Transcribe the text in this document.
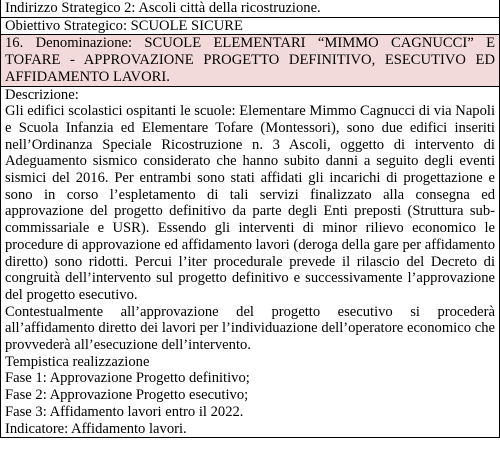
Indirizzo Strategico 2: Ascoli città della ricostruzione.
Obiettivo Strategico: SCUOLE SICURE
16. Denominazione: SCUOLE ELEMENTARI “MIMMO CAGNUCCI” E TOFARE - APPROVAZIONE PROGETTO DEFINITIVO, ESECUTIVO ED AFFIDAMENTO LAVORI.
Descrizione:

Gli edifici scolastici ospitanti le scuole: Elementare Mimmo Cagnucci di via Napoli e Scuola Infanzia ed Elementare Tofare (Montessori), sono due edifici inseriti nell’Ordinanza Speciale Ricostruzione n. 3 Ascoli, oggetto di intervento di Adeguamento sismico considerato che hanno subito danni a seguito degli eventi sismici del 2016. Per entrambi sono stati affidati gli incarichi di progettazione e sono in corso l’espletamento di tali servizi finalizzato alla consegna ed approvazione del progetto definitivo da parte degli Enti preposti (Struttura sub-commissariale e USR). Essendo gli interventi di minor rilievo economico le procedure di approvazione ed affidamento lavori (deroga della gare per affidamento diretto) sono ridotti. Percui l’iter procedurale prevede il rilascio del Decreto di congruità dell’intervento sul progetto definitivo e successivamente l’approvazione del progetto esecutivo.

Contestualmente all’approvazione del progetto esecutivo si procederà all’affidamento diretto dei lavori per l’individuazione dell’operatore economico che provvederà all’esecuzione dell’intervento.

Tempistica realizzazione
Fase 1: Approvazione Progetto definitivo;
Fase 2: Approvazione Progetto esecutivo;
Fase 3: Affidamento lavori entro il 2022.
Indicatore: Affidamento lavori.
